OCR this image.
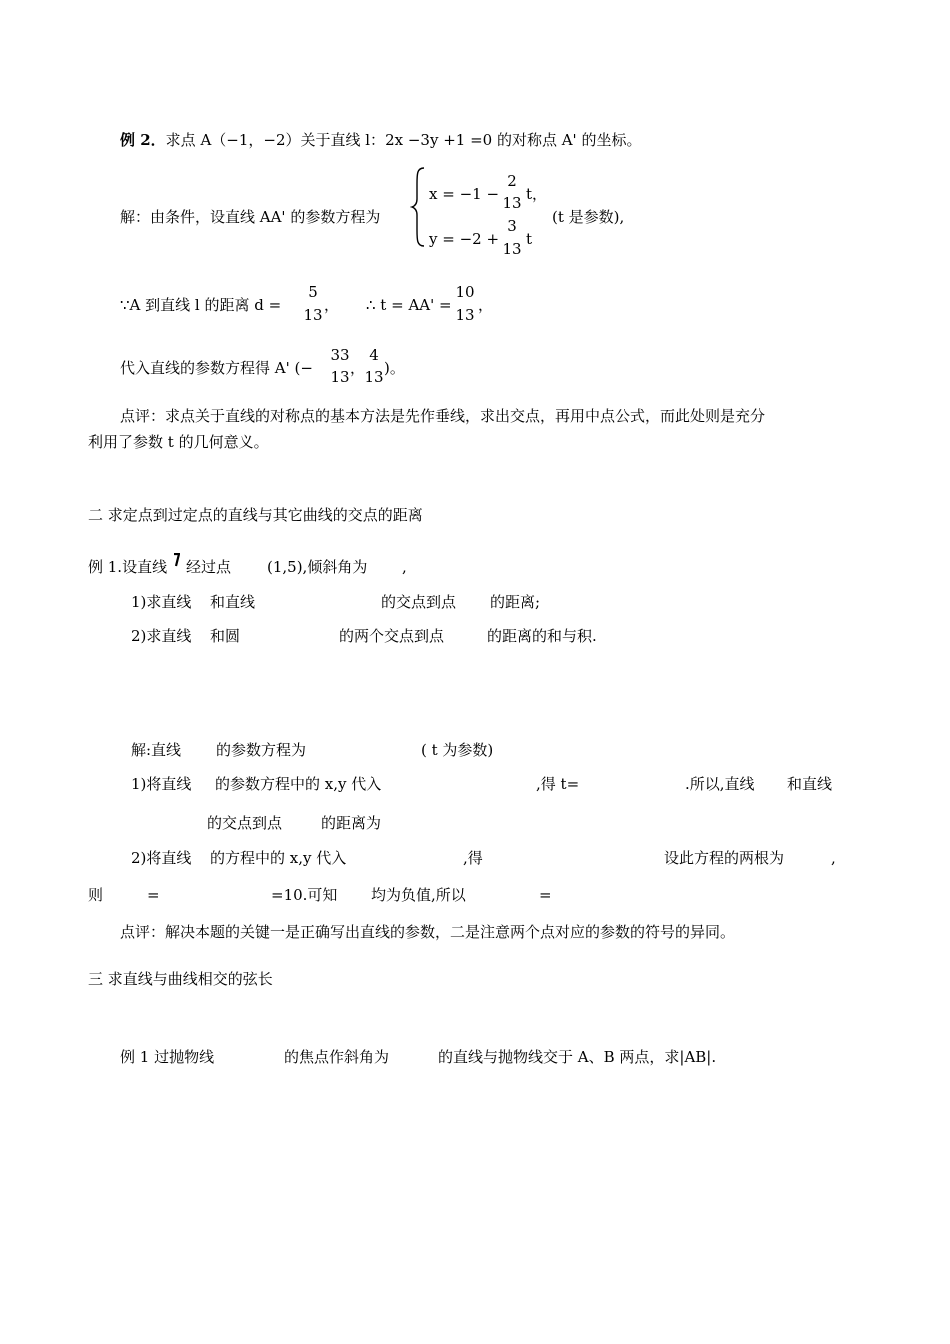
例 2．求点 A（−1，−2）关于直线 l：2x −3y +1 =0 的对称点 A' 的坐标。
解：由条件，设直线 AA' 的参数方程为
x = −1 −
2
13 t，
y = −2 +
3
13
t
(t 是参数),
∵A 到直线 l 的距离 d =
5
13
， ∴ t = AA' =
10
13
，
代入直线的参数方程得 A' (−
33
13 ，
4
13 )。
点评：求点关于直线的对称点的基本方法是先作垂线，求出交点，再用中点公式，而此处则是充分
利用了参数 t 的几何意义。
二 求定点到过定点的直线与其它曲线的交点的距离
例 1.设直线 经过点 (1,5),倾斜角为 ,
1)求直线 和直线	的交点到点 的距离;
2)求直线 和圆	的两个交点到点	的距离的和与积.
解:直线 的参数方程为	( t 为参数)
1)将直线 的参数方程中的 x,y 代入	,得 t=	.所以,直线 和直线
的交点到点	的距离为
2)将直线 的方程中的 x,y 代入	,得	设此方程的两根为	,
则	=	=10.可知 均为负值,所以	=
点评：解决本题的关键一是正确写出直线的参数，二是注意两个点对应的参数的符号的异同。
三 求直线与曲线相交的弦长
例 1 过抛物线	的焦点作斜角为	的直线与抛物线交于 A、B 两点，求|AB|.
